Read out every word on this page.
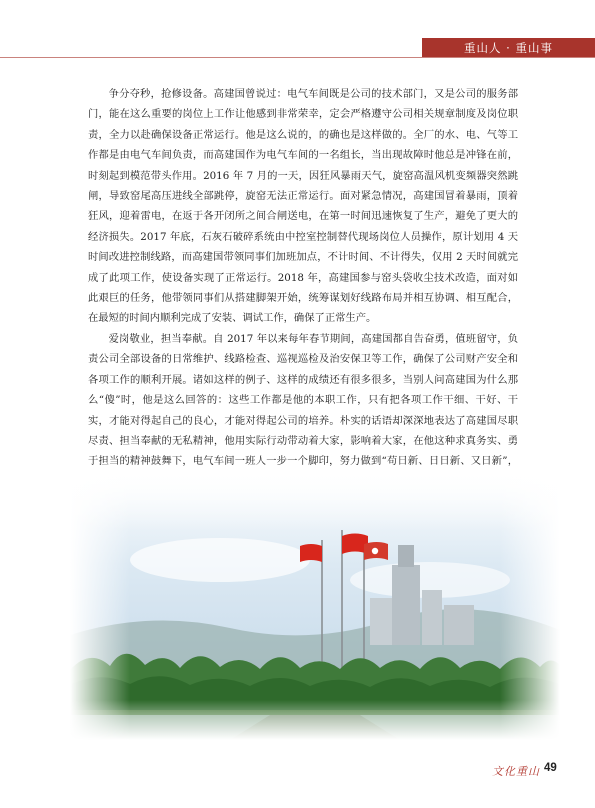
重山人 · 重山事

争分夺秒，抢修设备。高建国曾说过：电气车间既是公司的技术部门，又是公司的服务部门，能在这么重要的岗位上工作让他感到非常荣幸，定会严格遵守公司相关规章制度及岗位职责，全力以赴确保设备正常运行。他是这么说的，的确也是这样做的。全厂的水、电、气等工作都是由电气车间负责，而高建国作为电气车间的一名组长，当出现故障时他总是冲锋在前，时刻起到模范带头作用。2016 年 7 月的一天，因狂风暴雨天气，旋窑高温风机变频器突然跳闸，导致窑尾高压进线全部跳停，旋窑无法正常运行。面对紧急情况，高建国冒着暴雨，顶着狂风，迎着雷电，在返于各开闭所之间合闸送电，在第一时间迅速恢复了生产，避免了更大的经济损失。2017 年底，石灰石破碎系统由中控室控制替代现场岗位人员操作，原计划用 4 天时间改进控制线路，而高建国带领同事们加班加点，不计时间、不计得失，仅用 2 天时间就完成了此项工作，使设备实现了正常运行。2018 年，高建国参与窑头袋收尘技术改造，面对如此艰巨的任务，他带领同事们从搭建脚架开始，统筹谋划好线路布局并相互协调、相互配合，在最短的时间内顺利完成了安装、调试工作，确保了正常生产。

爱岗敬业，担当奉献。自 2017 年以来每年春节期间，高建国都自告奋勇，值班留守，负责公司全部设备的日常维护、线路检查、巡视巡检及治安保卫等工作，确保了公司财产安全和各项工作的顺利开展。诸如这样的例子、这样的成绩还有很多很多，当别人问高建国为什么那么“傻”时，他是这么回答的：这些工作都是他的本职工作，只有把各项工作干细、干好、干实，才能对得起自己的良心，才能对得起公司的培养。朴实的话语却深深地表达了高建国尽职尽责、担当奉献的无私精神，他用实际行动带动着大家，影响着大家，在他这种求真务实、勇于担当的精神鼓舞下，电气车间一班人一步一个脚印，努力做到“苟日新、日日新、又日新”，

文化重山 49
